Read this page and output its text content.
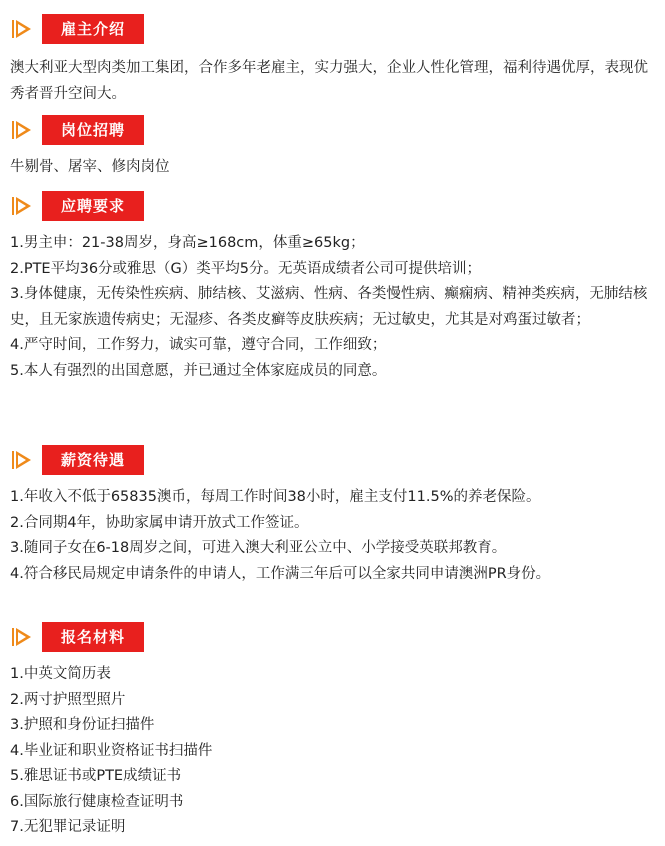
雇主介绍

澳大利亚大型肉类加工集团，合作多年老雇主，实力强大，企业人性化管理，福利待遇优厚，表现优秀者晋升空间大。

岗位招聘

牛剔骨、屠宰、修肉岗位

应聘要求

1.男主申：21-38周岁，身高≥168cm，体重≥65kg；

2.PTE平均36分或雅思（G）类平均5分。无英语成绩者公司可提供培训；

3.身体健康，无传染性疾病、肺结核、艾滋病、性病、各类慢性病、癫痫病、精神类疾病，无肺结核史，且无家族遗传病史；无湿疹、各类皮癣等皮肤疾病；无过敏史，尤其是对鸡蛋过敏者；

4.严守时间，工作努力，诚实可靠，遵守合同，工作细致；

5.本人有强烈的出国意愿，并已通过全体家庭成员的同意。

薪资待遇

1.年收入不低于65835澳币，每周工作时间38小时，雇主支付11.5%的养老保险。

2.合同期4年，协助家属申请开放式工作签证。

3.随同子女在6-18周岁之间，可进入澳大利亚公立中、小学接受英联邦教育。

4.符合移民局规定申请条件的申请人，工作满三年后可以全家共同申请澳洲PR身份。

报名材料

1.中英文简历表

2.两寸护照型照片

3.护照和身份证扫描件

4.毕业证和职业资格证书扫描件

5.雅思证书或PTE成绩证书

6.国际旅行健康检查证明书

7.无犯罪记录证明
